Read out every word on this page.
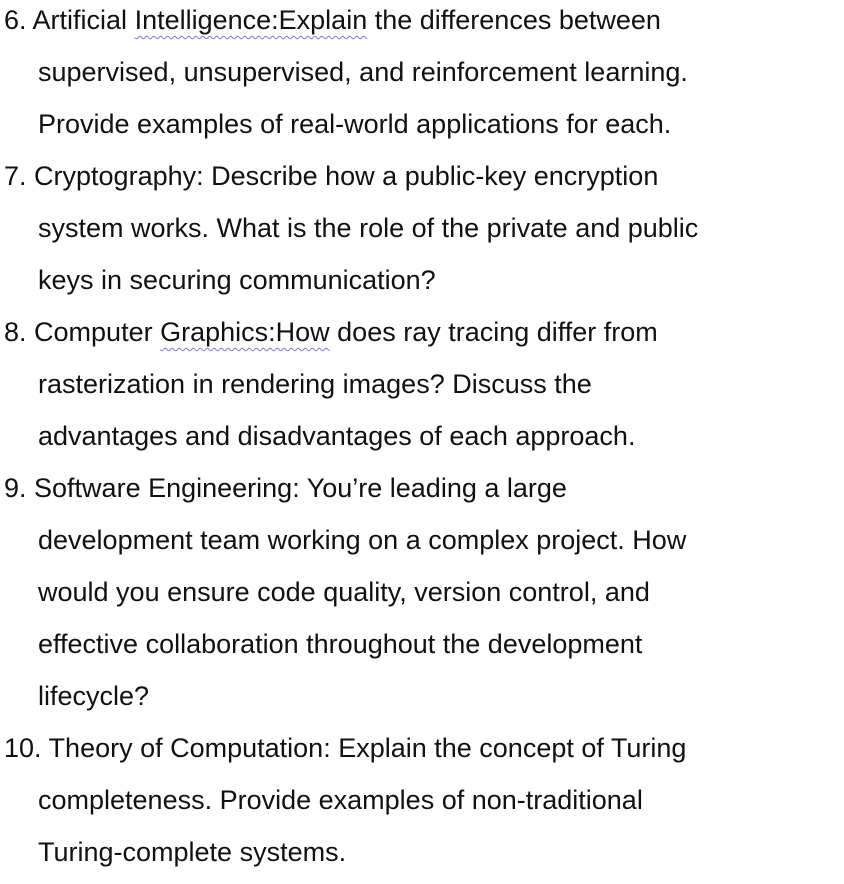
6. Artificial Intelligence:Explain the differences between
supervised, unsupervised, and reinforcement learning.
Provide examples of real-world applications for each.
7. Cryptography: Describe how a public-key encryption
system works. What is the role of the private and public
keys in securing communication?
8. Computer Graphics:How does ray tracing differ from
rasterization in rendering images? Discuss the
advantages and disadvantages of each approach.
9. Software Engineering: You’re leading a large
development team working on a complex project. How
would you ensure code quality, version control, and
effective collaboration throughout the development
lifecycle?
10. Theory of Computation: Explain the concept of Turing
completeness. Provide examples of non-traditional
Turing-complete systems.
